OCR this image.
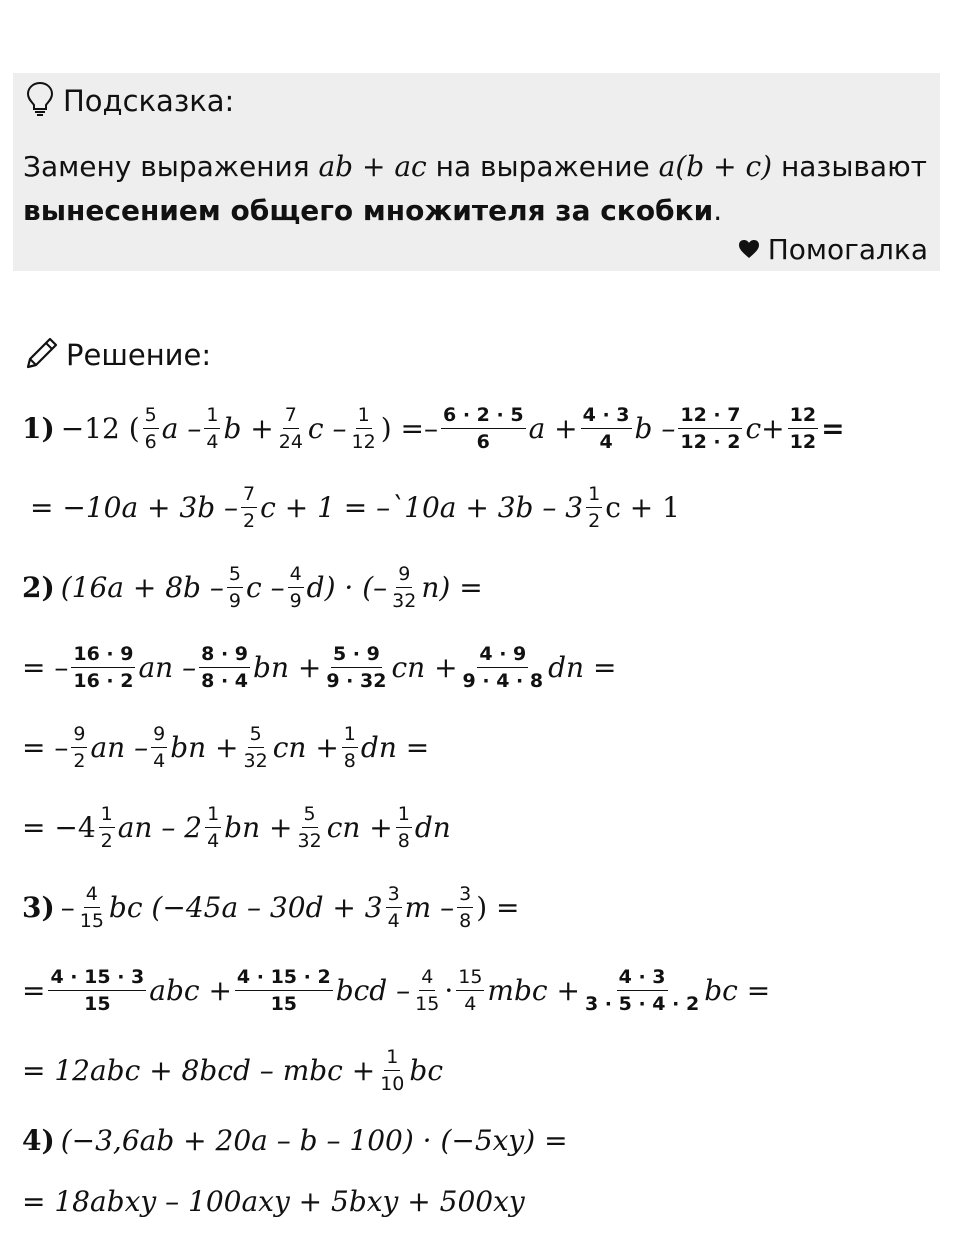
Подсказка:
Замену выражения ab + ac на выражение a(b + c) называют
вынесением общего множителя за скобки.
Помогалка
Решение:
1) −12 ( $\frac{5}{6}$ a – $\frac{1}{4}$ $b + \frac{7}{24}$ c – $\frac{1}{12}$ ) =– $\frac{6 \cdot 2 \cdot 5}{6}$ $a + \frac{4 \cdot 3}{4}$ $b - \frac{12 \cdot 7}{12 \cdot 2} c+ \frac{12}{12}$ =
= $-10a + 3b - \frac{7}{2}$ c + 1 = –`10a + $3b - 3 \frac{1}{2}$ c + 1
2) ($16a + 8b - \frac{5}{9}$ c – $\frac{4}{9} d$) · (– $\frac{9}{32} n$) =
= – $\frac{16 \cdot 9}{16 \cdot 2}$ an – $\frac{8 \cdot 9}{8 \cdot 4}$ bn + $\frac{5 \cdot 9}{9 \cdot 32}$ cn + $\frac{4 \cdot 9}{9 \cdot 4 \cdot 8}$ dn =
= – $\frac{9}{2}$ an – $\frac{9}{4}$ bn + $\frac{5}{32}$ cn + $\frac{1}{8}$ dn =
= $-4 \frac{1}{2}$ an – $2 \frac{1}{4}$ bn + $\frac{5}{32}$ cn + $\frac{1}{8}$ dn
$3) - \frac{4}{15}$ bc ($-45a - 30d + 3 \frac{3}{4}$ m – $\frac{3}{8}$ ) =
= $\frac{4 \cdot 15 \cdot 3}{15}$ abc + $\frac{4 \cdot 15 \cdot 2}{15}$ bcd – $\frac{4}{15} \cdot \frac{15}{4}$ mbc + $\frac{4 \cdot 3}{3 \cdot 5 \cdot 4 \cdot 2}$ bc =
= 12abc + 8bcd – mbc + $\frac{1}{10}$ bc
4) (−3,6ab + 20a – b – 100) · (−5xy) =
= 18abxy – 100axy + 5bxy + 500xy
